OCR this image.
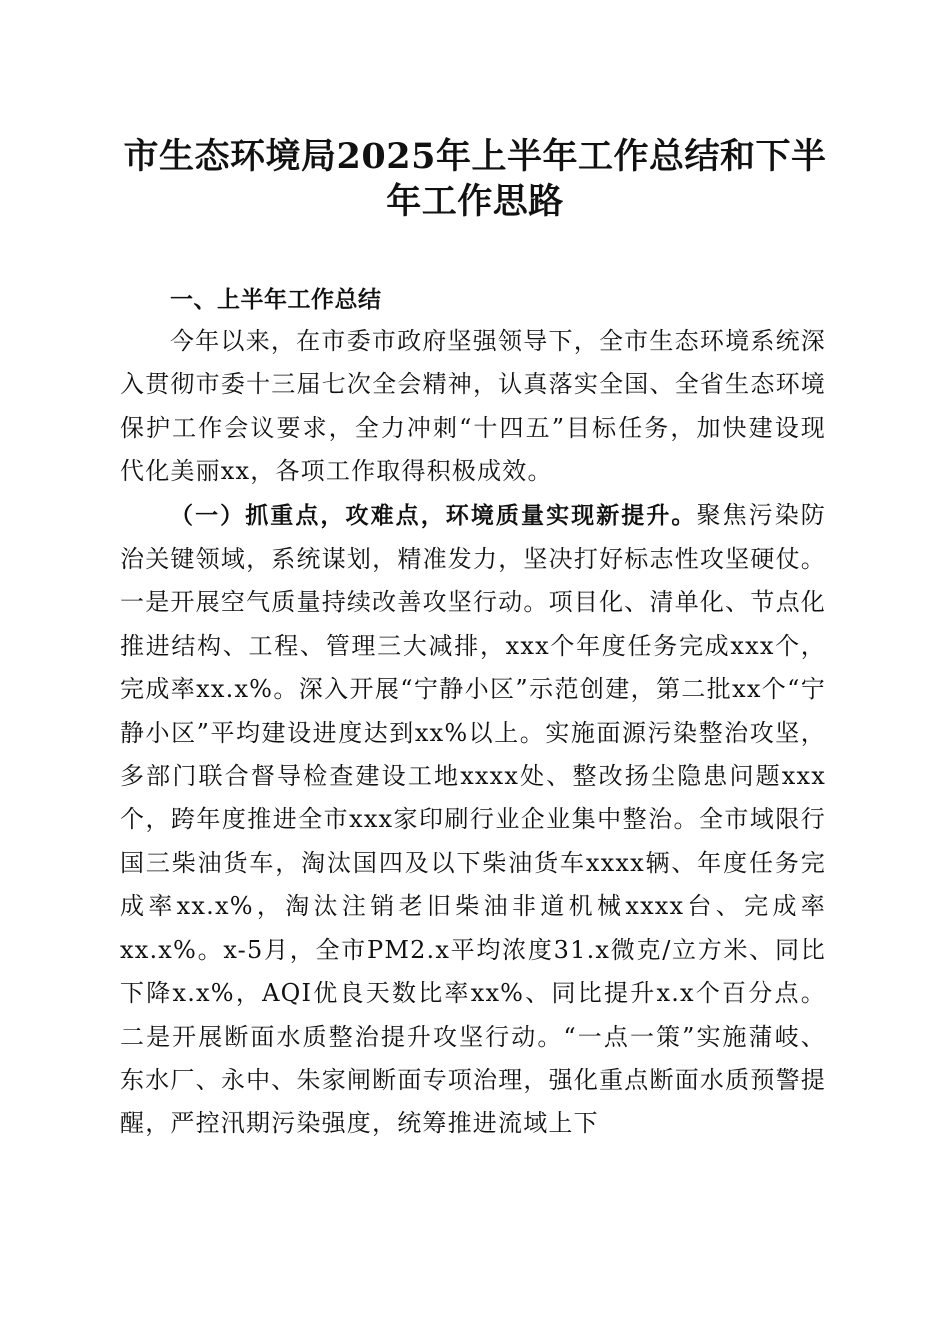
市生态环境局2025年上半年工作总结和下半
年工作思路
一、上半年工作总结

今年以来，在市委市政府坚强领导下，全市生态环境系统深入贯彻市委十三届七次全会精神，认真落实全国、全省生态环境保护工作会议要求，全力冲刺“十四五”目标任务，加快建设现代化美丽xx，各项工作取得积极成效。

（一）抓重点，攻难点，环境质量实现新提升。聚焦污染防治关键领域，系统谋划，精准发力，坚决打好标志性攻坚硬仗。一是开展空气质量持续改善攻坚行动。项目化、清单化、节点化推进结构、工程、管理三大减排，xxx个年度任务完成xxx个，完成率xx.x%。深入开展“宁静小区”示范创建，第二批xx个“宁静小区”平均建设进度达到xx%以上。实施面源污染整治攻坚，多部门联合督导检查建设工地xxxx处、整改扬尘隐患问题xxx个，跨年度推进全市xxx家印刷行业企业集中整治。全市域限行国三柴油货车，淘汰国四及以下柴油货车xxxx辆、年度任务完成率xx.x%，淘汰注销老旧柴油非道机械xxxx台、完成率xx.x%。x-5月，全市PM2.x平均浓度31.x微克/立方米、同比下降x.x%，AQI优良天数比率xx%、同比提升x.x个百分点。二是开展断面水质整治提升攻坚行动。“一点一策”实施蒲岐、东水厂、永中、朱家闸断面专项治理，强化重点断面水质预警提醒，严控汛期污染强度，统筹推进流域上下
